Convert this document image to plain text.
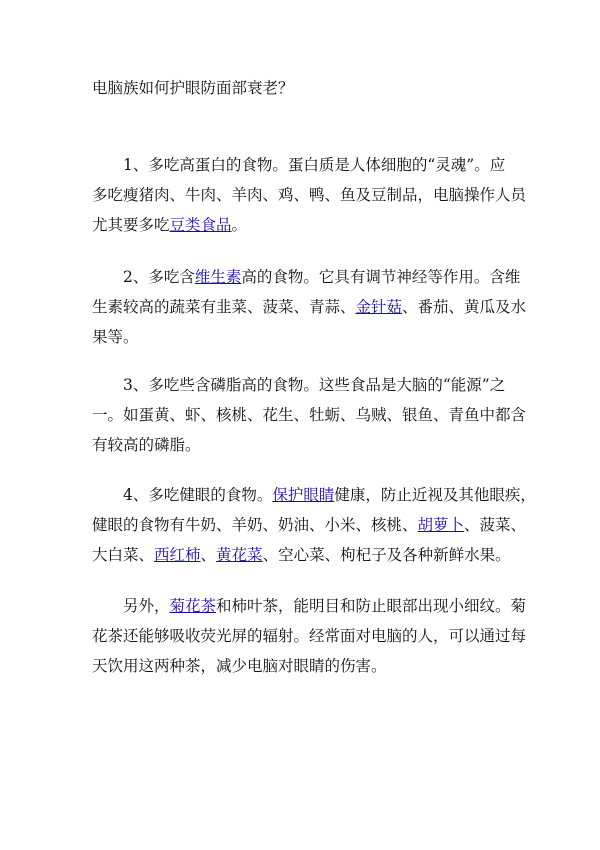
电脑族如何护眼防面部衰老？
1、多吃高蛋白的食物。蛋白质是人体细胞的“灵魂”。应
多吃瘦猪肉、牛肉、羊肉、鸡、鸭、鱼及豆制品，电脑操作人员
尤其要多吃豆类食品。
2、多吃含维生素高的食物。它具有调节神经等作用。含维
生素较高的蔬菜有韭菜、菠菜、青蒜、金针菇、番茄、黄瓜及水
果等。
3、多吃些含磷脂高的食物。这些食品是大脑的“能源”之
一。如蛋黄、虾、核桃、花生、牡蛎、乌贼、银鱼、青鱼中都含
有较高的磷脂。
4、多吃健眼的食物。保护眼睛健康，防止近视及其他眼疾，
健眼的食物有牛奶、羊奶、奶油、小米、核桃、胡萝卜、菠菜、
大白菜、西红柿、黄花菜、空心菜、枸杞子及各种新鲜水果。
另外，菊花茶和柿叶茶，能明目和防止眼部出现小细纹。菊
花茶还能够吸收荧光屏的辐射。经常面对电脑的人，可以通过每
天饮用这两种茶，减少电脑对眼睛的伤害。
